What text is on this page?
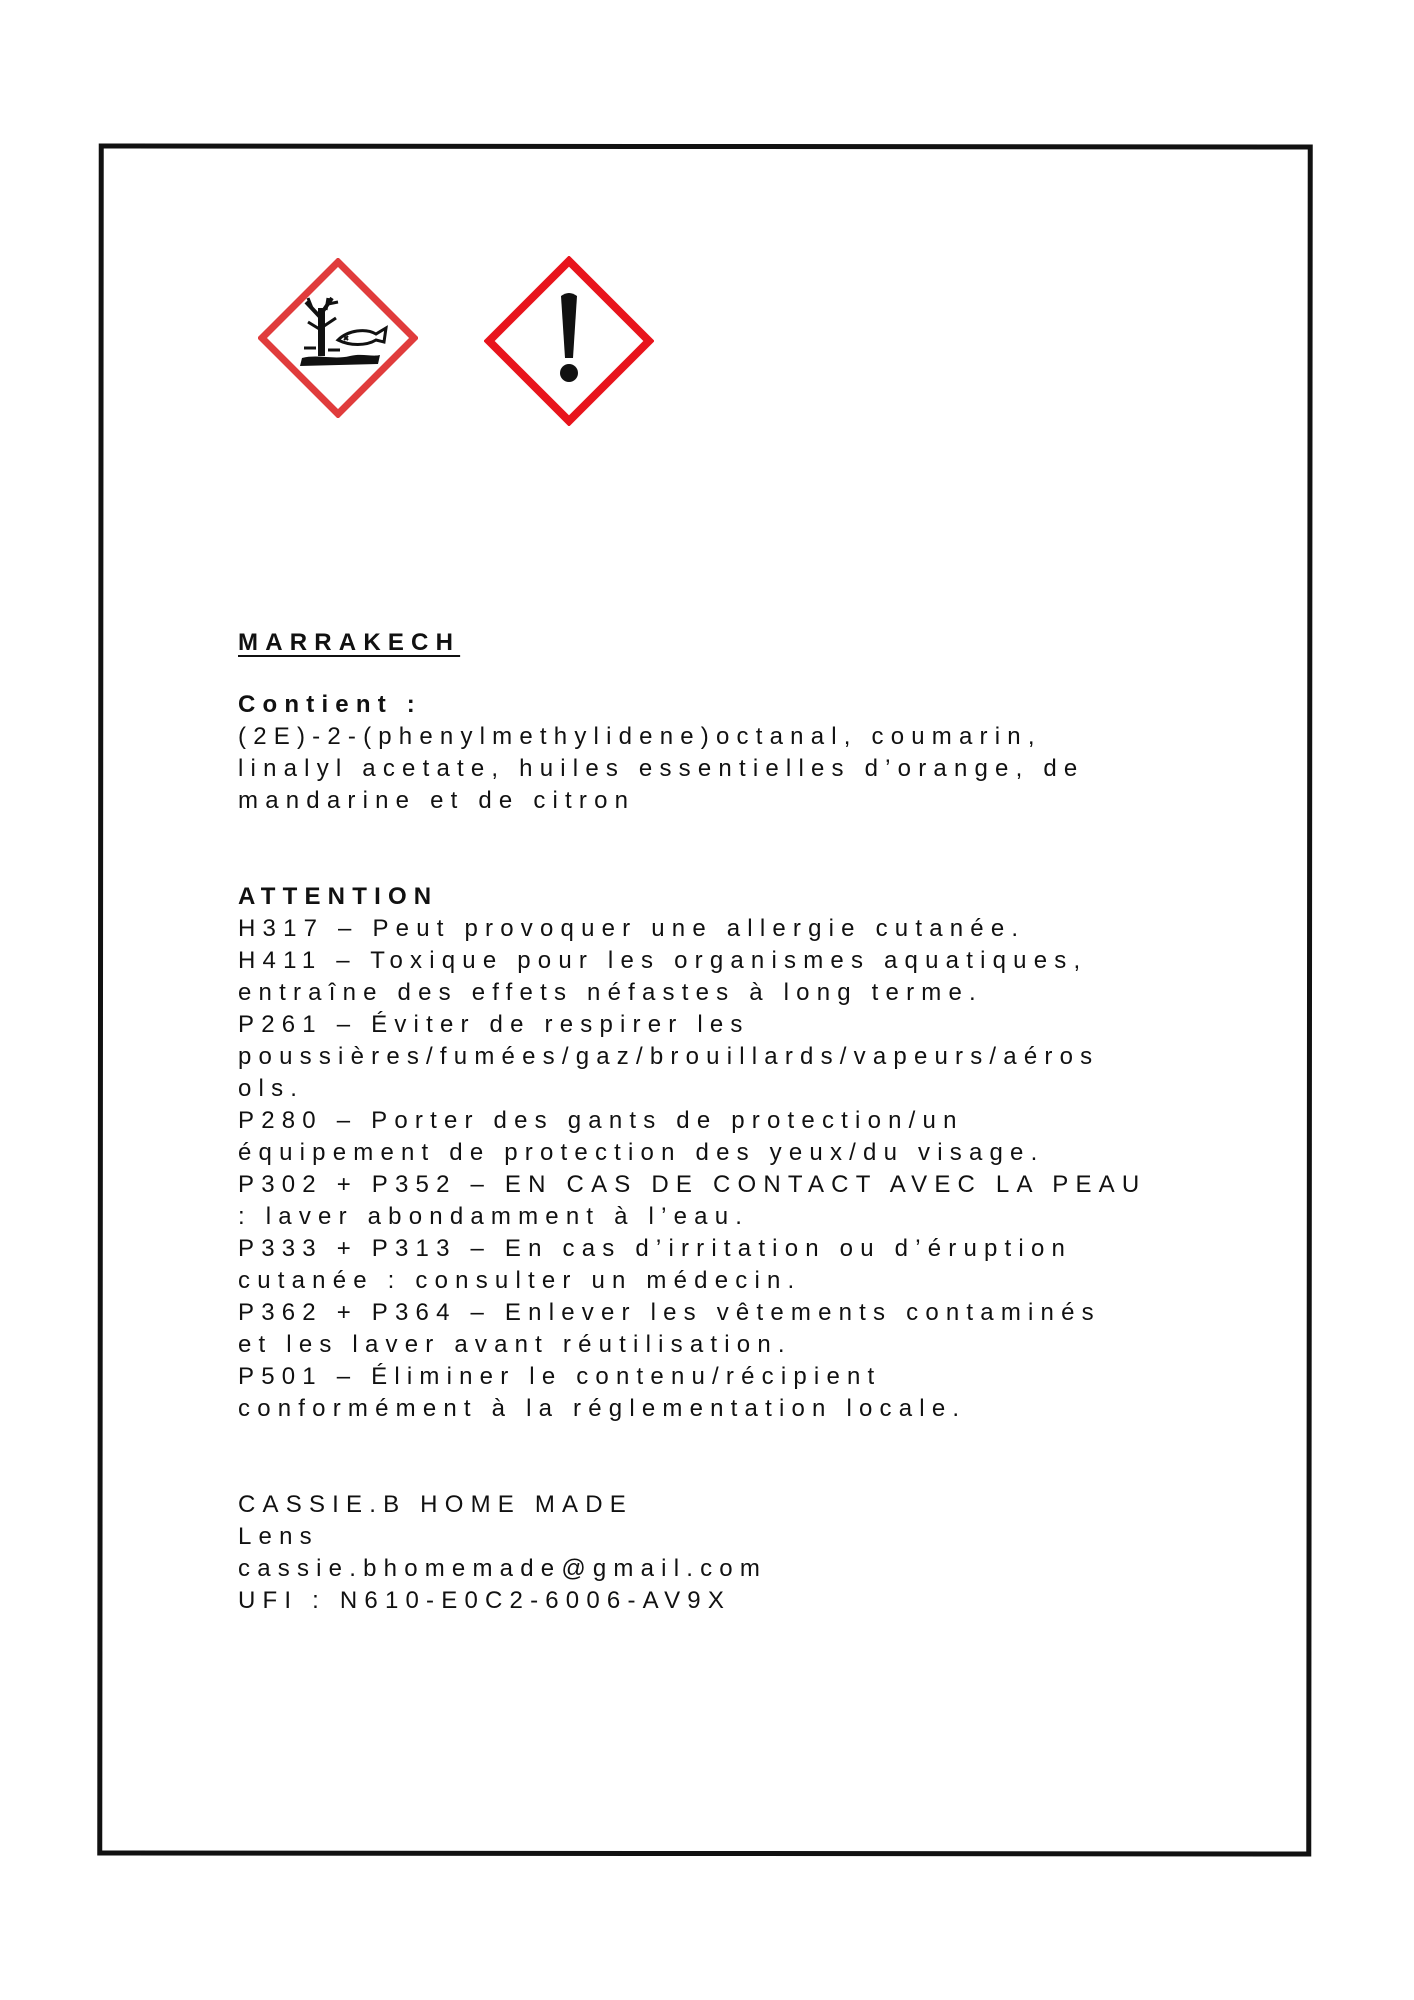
MARRAKECH

Contient :

(2E)-2-(phenylmethylidene)octanal, coumarin,

linalyl acetate, huiles essentielles d’orange, de

mandarine et de citron

ATTENTION

H317 – Peut provoquer une allergie cutanée.

H411 – Toxique pour les organismes aquatiques,

entraîne des effets néfastes à long terme.

P261 – Éviter de respirer les

poussières/fumées/gaz/brouillards/vapeurs/aéros

ols.

P280 – Porter des gants de protection/un

équipement de protection des yeux/du visage.

P302 + P352 – EN CAS DE CONTACT AVEC LA PEAU

: laver abondamment à l’eau.

P333 + P313 – En cas d’irritation ou d’éruption

cutanée : consulter un médecin.

P362 + P364 – Enlever les vêtements contaminés

et les laver avant réutilisation.

P501 – Éliminer le contenu/récipient

conformément à la réglementation locale.

CASSIE.B HOME MADE

Lens

cassie.bhomemade@gmail.com

UFI : N610-E0C2-6006-AV9X
